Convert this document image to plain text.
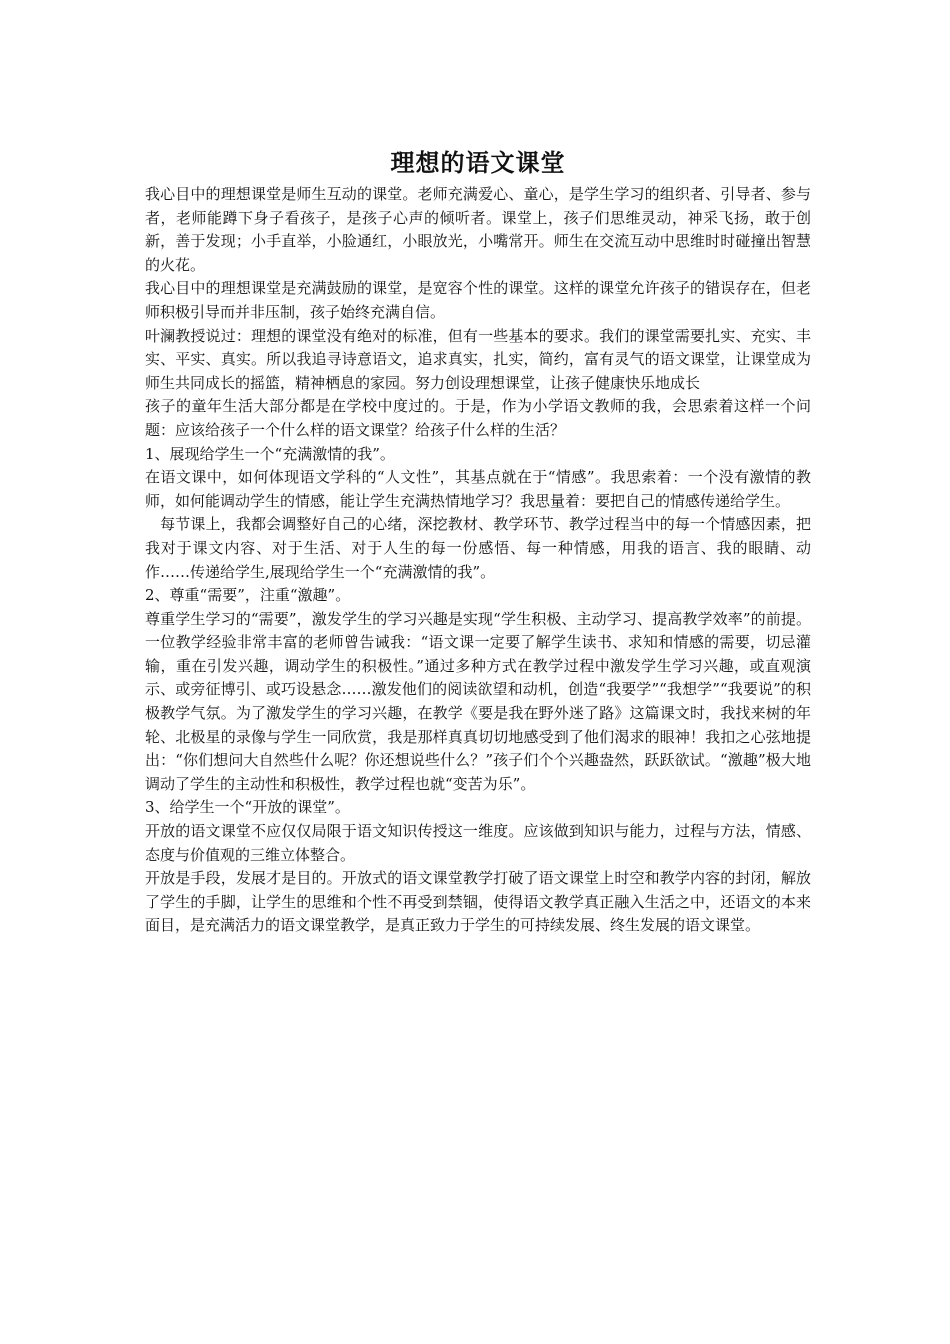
理想的语文课堂

我心目中的理想课堂是师生互动的课堂。老师充满爱心、童心，是学生学习的组织者、引导者、参与者，老师能蹲下身子看孩子，是孩子心声的倾听者。课堂上，孩子们思维灵动，神采飞扬，敢于创新，善于发现；小手直举，小脸通红，小眼放光，小嘴常开。师生在交流互动中思维时时碰撞出智慧的火花。

我心目中的理想课堂是充满鼓励的课堂，是宽容个性的课堂。这样的课堂允许孩子的错误存在，但老师积极引导而并非压制，孩子始终充满自信。

叶澜教授说过：理想的课堂没有绝对的标准，但有一些基本的要求。我们的课堂需要扎实、充实、丰实、平实、真实。所以我追寻诗意语文，追求真实，扎实，简约，富有灵气的语文课堂，让课堂成为师生共同成长的摇篮，精神栖息的家园。努力创设理想课堂，让孩子健康快乐地成长

孩子的童年生活大部分都是在学校中度过的。于是，作为小学语文教师的我，会思索着这样一个问题：应该给孩子一个什么样的语文课堂？给孩子什么样的生活？

1、展现给学生一个“充满激情的我”。

在语文课中，如何体现语文学科的“人文性”，其基点就在于“情感”。我思索着：一个没有激情的教师，如何能调动学生的情感，能让学生充满热情地学习？我思量着：要把自己的情感传递给学生。

　每节课上，我都会调整好自己的心绪，深挖教材、教学环节、教学过程当中的每一个情感因素，把我对于课文内容、对于生活、对于人生的每一份感悟、每一种情感，用我的语言、我的眼睛、动作……传递给学生,展现给学生一个“充满激情的我”。

2、尊重“需要”，注重“激趣”。

尊重学生学习的“需要”，激发学生的学习兴趣是实现“学生积极、主动学习、提高教学效率”的前提。一位教学经验非常丰富的老师曾告诫我：“语文课一定要了解学生读书、求知和情感的需要，切忌灌输，重在引发兴趣，调动学生的积极性。”通过多种方式在教学过程中激发学生学习兴趣，或直观演示、或旁征博引、或巧设悬念……激发他们的阅读欲望和动机，创造“我要学”“我想学”“我要说”的积极教学气氛。为了激发学生的学习兴趣，在教学《要是我在野外迷了路》这篇课文时，我找来树的年轮、北极星的录像与学生一同欣赏，我是那样真真切切地感受到了他们渴求的眼神！我扣之心弦地提出：“你们想问大自然些什么呢？你还想说些什么？”孩子们个个兴趣盎然，跃跃欲试。“激趣”极大地调动了学生的主动性和积极性，教学过程也就“变苦为乐”。

3、给学生一个“开放的课堂”。

开放的语文课堂不应仅仅局限于语文知识传授这一维度。应该做到知识与能力，过程与方法，情感、态度与价值观的三维立体整合。

开放是手段，发展才是目的。开放式的语文课堂教学打破了语文课堂上时空和教学内容的封闭，解放了学生的手脚，让学生的思维和个性不再受到禁锢，使得语文教学真正融入生活之中，还语文的本来面目，是充满活力的语文课堂教学，是真正致力于学生的可持续发展、终生发展的语文课堂。
